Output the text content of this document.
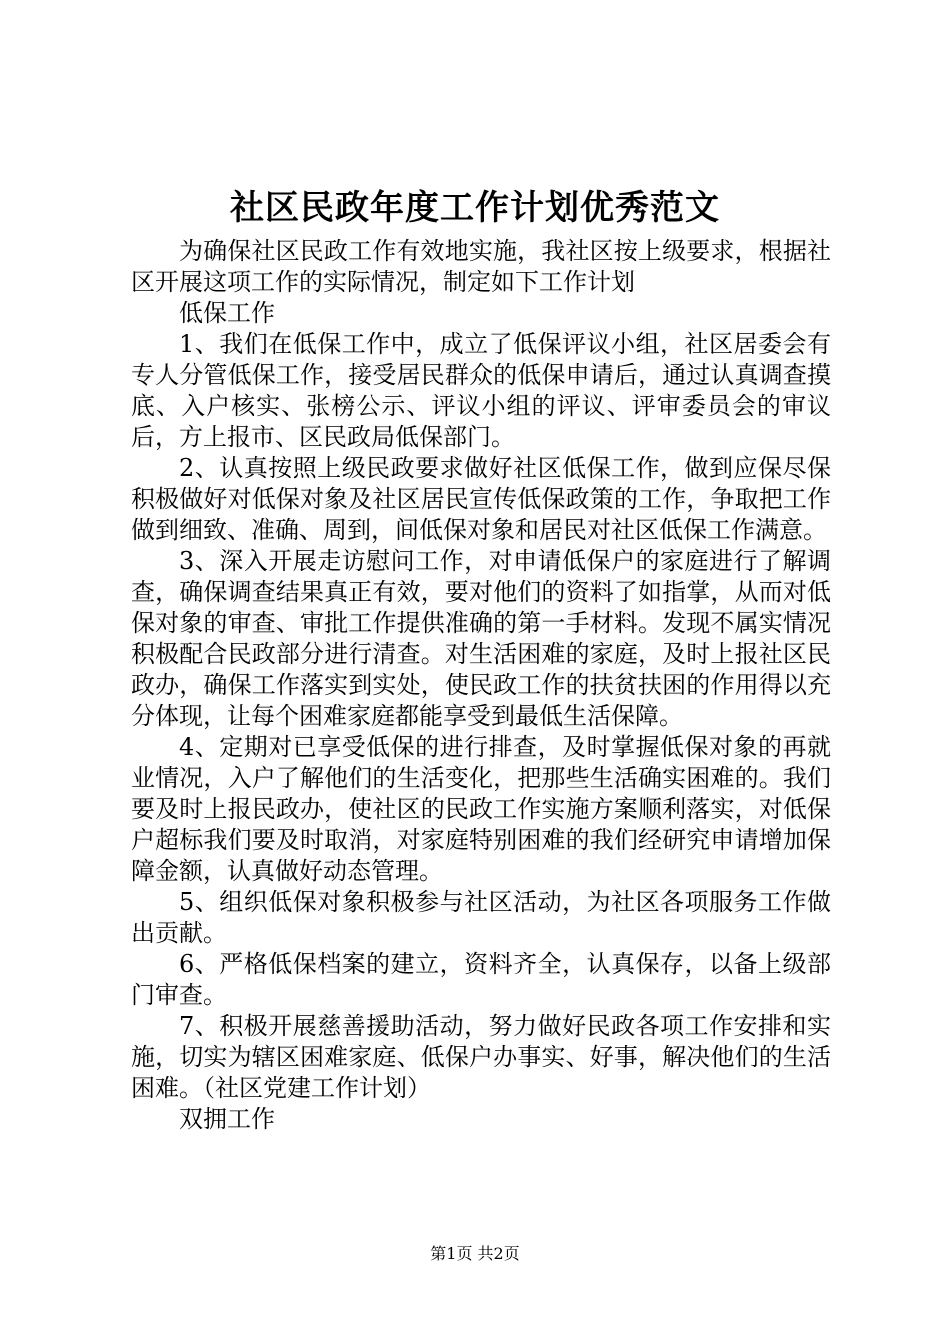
社区民政年度工作计划优秀范文

为确保社区民政工作有效地实施，我社区按上级要求，根据社区开展这项工作的实际情况，制定如下工作计划

低保工作

1、我们在低保工作中，成立了低保评议小组，社区居委会有专人分管低保工作，接受居民群众的低保申请后，通过认真调查摸底、入户核实、张榜公示、评议小组的评议、评审委员会的审议后，方上报市、区民政局低保部门。

2、认真按照上级民政要求做好社区低保工作，做到应保尽保积极做好对低保对象及社区居民宣传低保政策的工作，争取把工作做到细致、准确、周到，间低保对象和居民对社区低保工作满意。

3、深入开展走访慰问工作，对申请低保户的家庭进行了解调查，确保调查结果真正有效，要对他们的资料了如指掌，从而对低保对象的审查、审批工作提供准确的第一手材料。发现不属实情况积极配合民政部分进行清查。对生活困难的家庭，及时上报社区民政办，确保工作落实到实处，使民政工作的扶贫扶困的作用得以充分体现，让每个困难家庭都能享受到最低生活保障。

4、定期对已享受低保的进行排查，及时掌握低保对象的再就业情况，入户了解他们的生活变化，把那些生活确实困难的。我们要及时上报民政办，使社区的民政工作实施方案顺利落实，对低保户超标我们要及时取消，对家庭特别困难的我们经研究申请增加保障金额，认真做好动态管理。

5、组织低保对象积极参与社区活动，为社区各项服务工作做出贡献。

6、严格低保档案的建立，资料齐全，认真保存，以备上级部门审查。

7、积极开展慈善援助活动，努力做好民政各项工作安排和实施，切实为辖区困难家庭、低保户办事实、好事，解决他们的生活困难。（社区党建工作计划）

双拥工作

第1页 共2页
